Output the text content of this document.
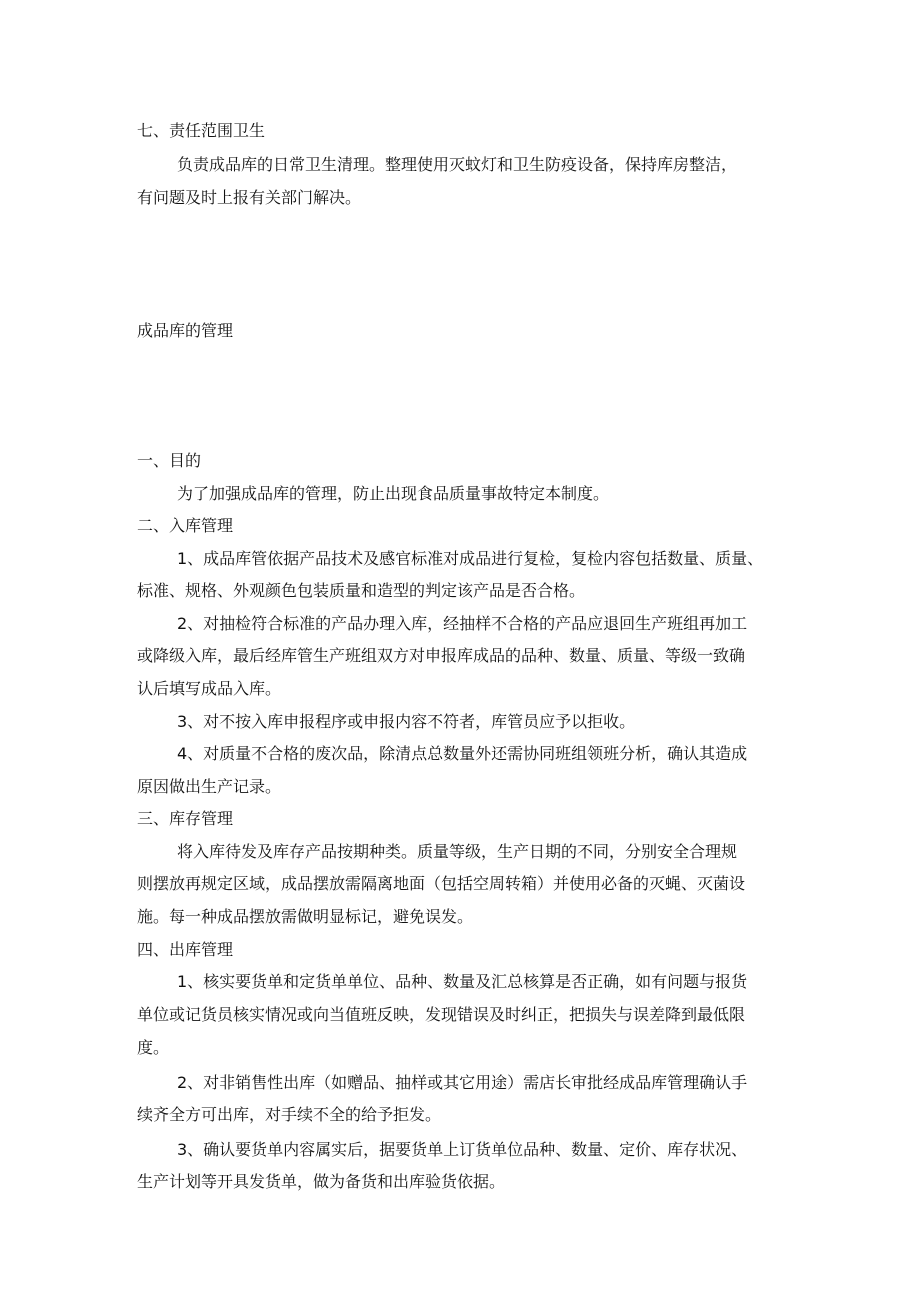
七、责任范围卫生

负责成品库的日常卫生清理。整理使用灭蚊灯和卫生防疫设备，保持库房整洁，

有问题及时上报有关部门解决。

成品库的管理

一、目的

为了加强成品库的管理，防止出现食品质量事故特定本制度。

二、入库管理

1、成品库管依据产品技术及感官标准对成品进行复检，复检内容包括数量、质量、

标准、规格、外观颜色包装质量和造型的判定该产品是否合格。

2、对抽检符合标准的产品办理入库，经抽样不合格的产品应退回生产班组再加工

或降级入库，最后经库管生产班组双方对申报库成品的品种、数量、质量、等级一致确

认后填写成品入库。

3、对不按入库申报程序或申报内容不符者，库管员应予以拒收。

4、对质量不合格的废次品，除清点总数量外还需协同班组领班分析，确认其造成

原因做出生产记录。

三、库存管理

将入库待发及库存产品按期种类。质量等级，生产日期的不同，分别安全合理规

则摆放再规定区域，成品摆放需隔离地面（包括空周转箱）并使用必备的灭蝇、灭菌设

施。每一种成品摆放需做明显标记，避免误发。

四、出库管理

1、核实要货单和定货单单位、品种、数量及汇总核算是否正确，如有问题与报货

单位或记货员核实情况或向当值班反映，发现错误及时纠正，把损失与误差降到最低限

度。

2、对非销售性出库（如赠品、抽样或其它用途）需店长审批经成品库管理确认手

续齐全方可出库，对手续不全的给予拒发。

3、确认要货单内容属实后，据要货单上订货单位品种、数量、定价、库存状况、

生产计划等开具发货单，做为备货和出库验货依据。
